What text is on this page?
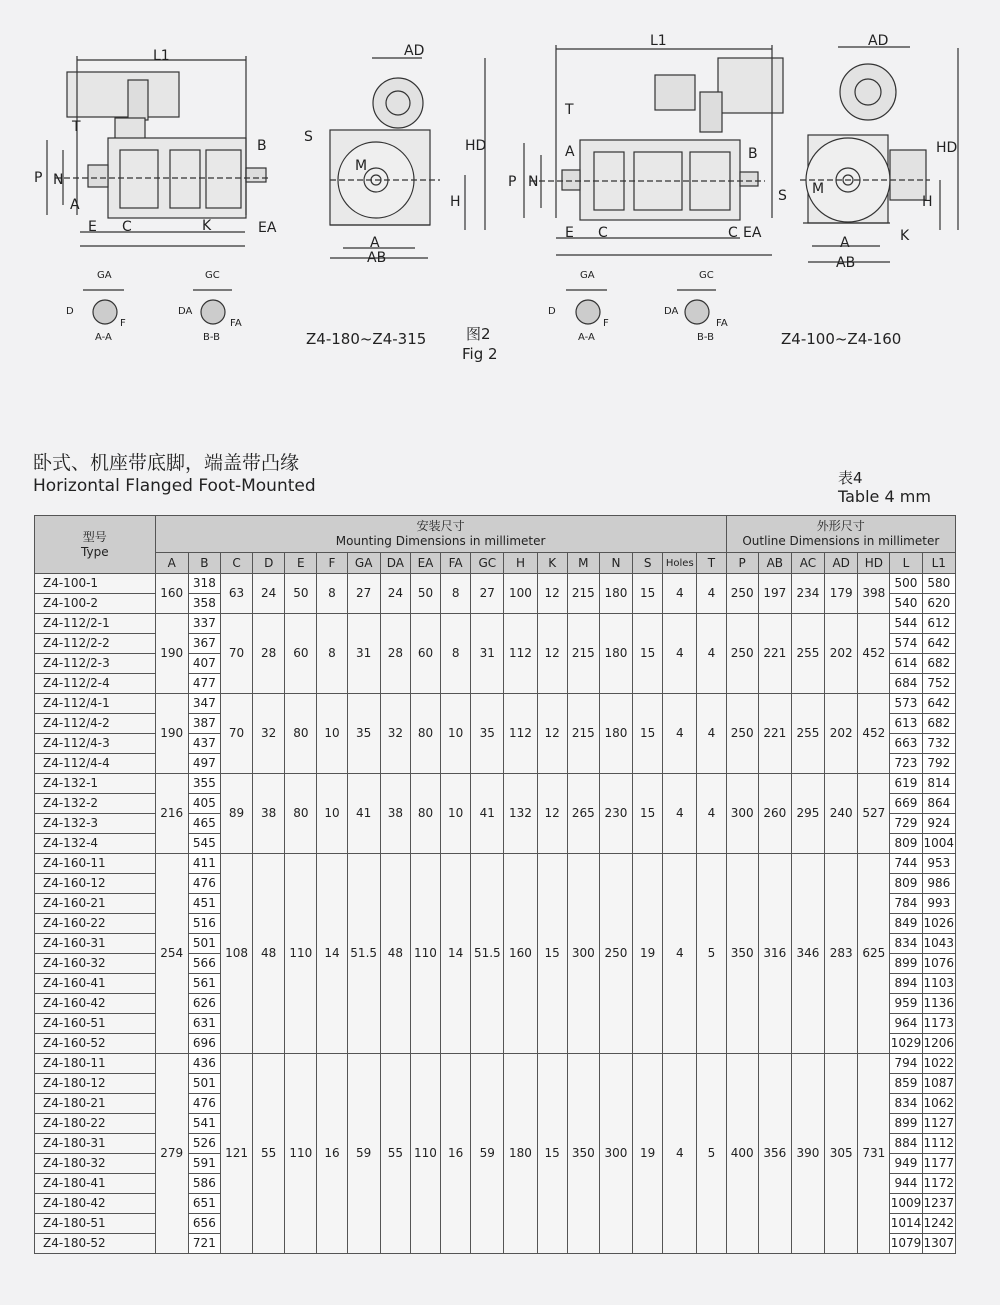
L1
T
P N
A
B
E C	K	EA
AD
S
M
HD
H
A
AB
L1
T
P N
A	B
E C	C EA
AD
S M
HD
H
A	K
AB
GA
D
F
A-A
GC
DA
FA
B-B
GA
D
F
A-A
GC
DA
FA
B-B
Z4-180~Z4-315	图2
Fig 2
Z4-100~Z4-160
卧式、机座带底脚，端盖带凸缘
Horizontal Flanged Foot-Mounted	表4
Table 4 mm
型号
Type	安装尺寸
Mounting Dimensions in millimeter																		外形尺寸
Outline Dimensions in millimeter						
	A	B	C	D	E	F	GA	DA	EA	FA	GC	H	K	M	N	S	Holes	T	P	AB	AC	AD	HD	L	L1
Z4-100-1	160	318	63	24	50	8	27	24	50	8	27	100	12	215	180	15	4	4	250	197	234	179	398	500	580
Z4-100-2		358																						540	620
Z4-112/2-1	190	337	70	28	60	8	31	28	60	8	31	112	12	215	180	15	4	4	250	221	255	202	452	544	612
Z4-112/2-2		367																						574	642
Z4-112/2-3		407																						614	682
Z4-112/2-4		477																						684	752
Z4-112/4-1	190	347	70	32	80	10	35	32	80	10	35	112	12	215	180	15	4	4	250	221	255	202	452	573	642
Z4-112/4-2		387																						613	682
Z4-112/4-3		437																						663	732
Z4-112/4-4		497																						723	792
Z4-132-1	216	355	89	38	80	10	41	38	80	10	41	132	12	265	230	15	4	4	300	260	295	240	527	619	814
Z4-132-2		405																						669	864
Z4-132-3		465																						729	924
Z4-132-4		545																						809	1004
Z4-160-11	254	411	108	48	110	14	51.5	48	110	14	51.5	160	15	300	250	19	4	5	350	316	346	283	625	744	953
Z4-160-12		476																						809	986
Z4-160-21		451																						784	993
Z4-160-22		516																						849	1026
Z4-160-31		501																						834	1043
Z4-160-32		566																						899	1076
Z4-160-41		561																						894	1103
Z4-160-42		626																						959	1136
Z4-160-51		631																						964	1173
Z4-160-52		696																						1029	1206
Z4-180-11	279	436	121	55	110	16	59	55	110	16	59	180	15	350	300	19	4	5	400	356	390	305	731	794	1022
Z4-180-12		501																						859	1087
Z4-180-21		476																						834	1062
Z4-180-22		541																						899	1127
Z4-180-31		526																						884	1112
Z4-180-32		591																						949	1177
Z4-180-41		586																						944	1172
Z4-180-42		651																						1009	1237
Z4-180-51		656																						1014	1242
Z4-180-52		721																						1079	1307
